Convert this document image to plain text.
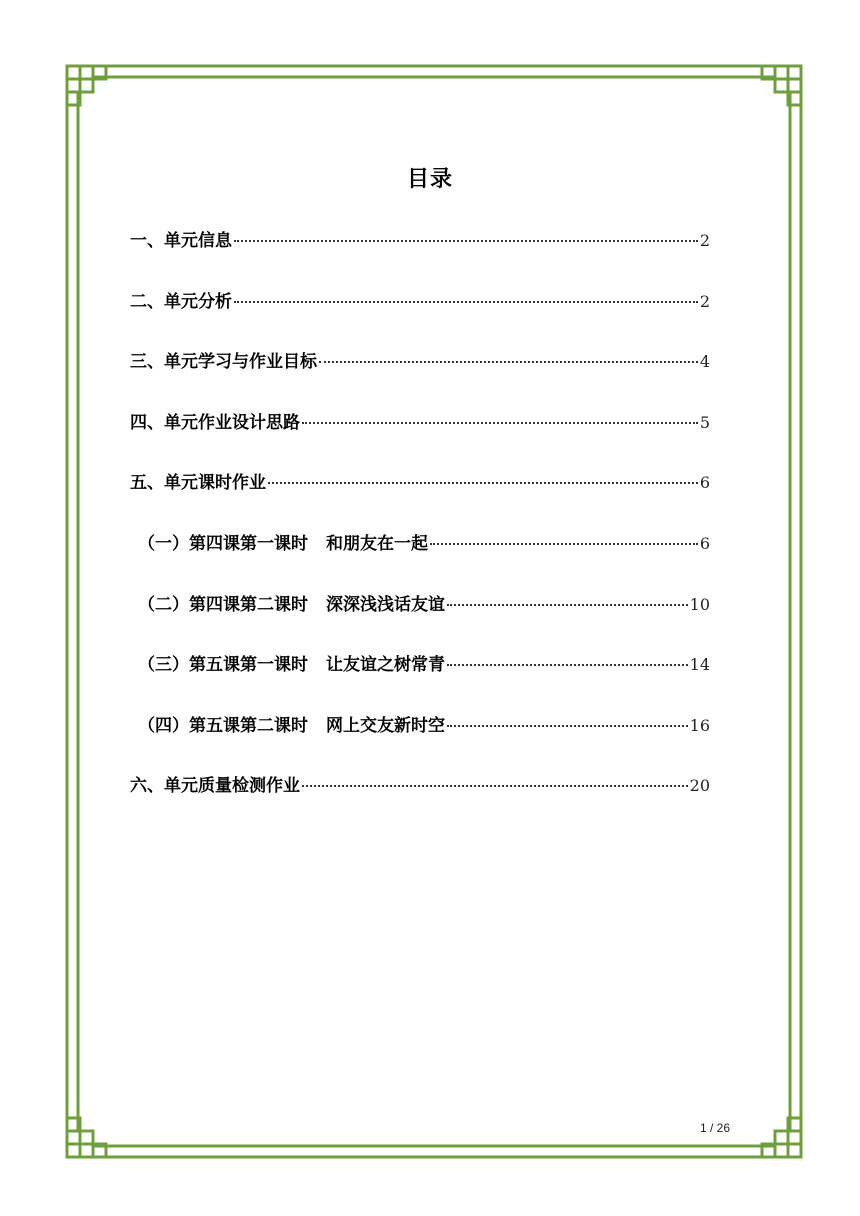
目录
一、单元信息	2
二、单元分析	2
三、单元学习与作业目标	4
四、单元作业设计思路	5
五、单元课时作业	6
（一）第四课第一课时 和朋友在一起	6
（二）第四课第二课时 深深浅浅话友谊	10
（三）第五课第一课时 让友谊之树常青	14
（四）第五课第二课时 网上交友新时空	16
六、单元质量检测作业	20
1 / 26
